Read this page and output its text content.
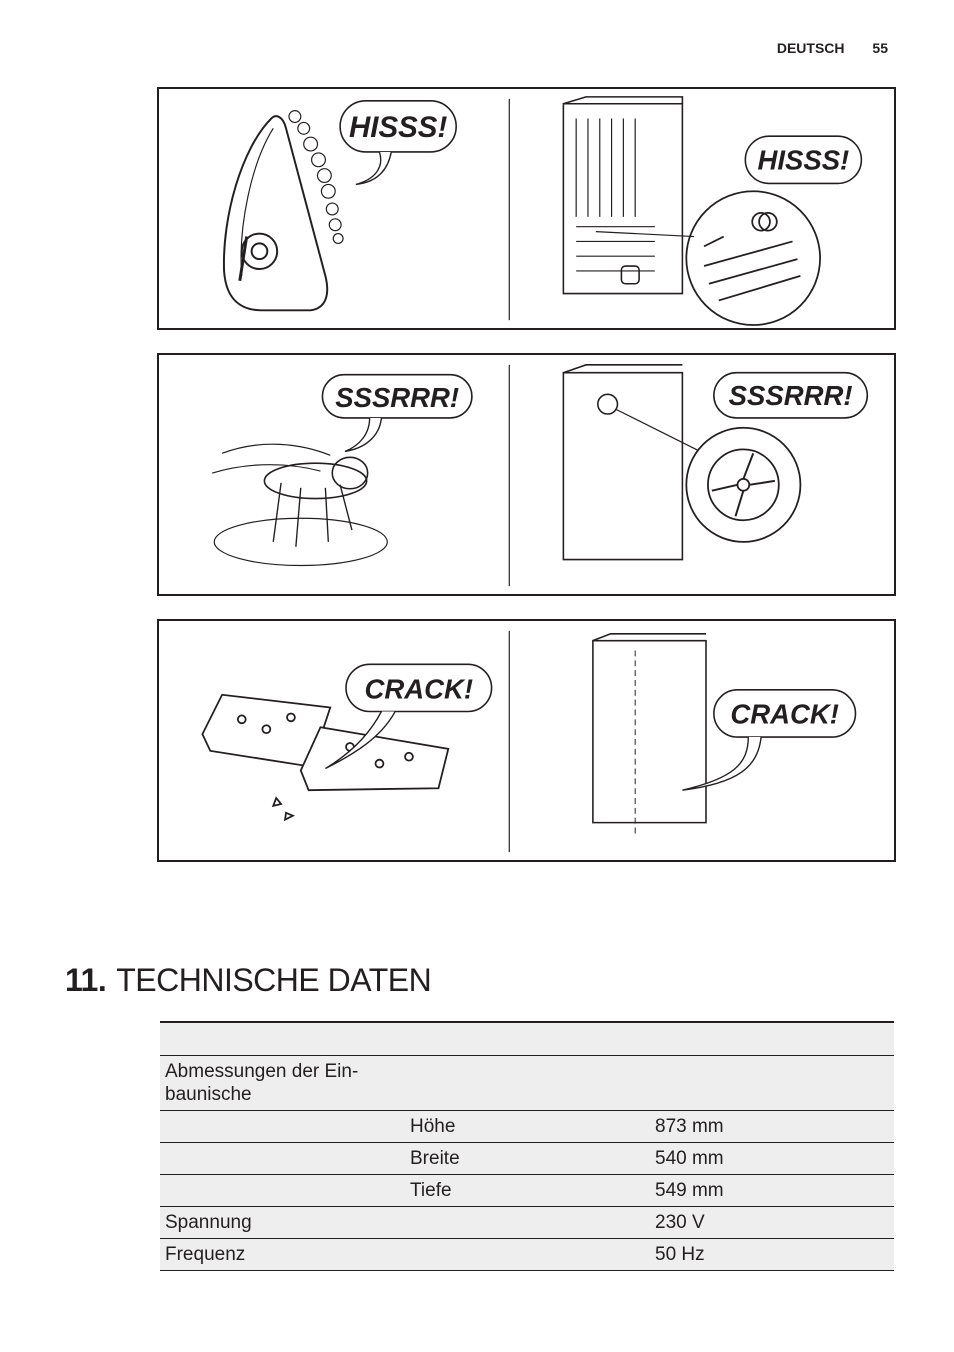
DEUTSCH 55
HISSS!
HISSS!
SSSRRR!	SSSRRR!
CRACK!
CRACK!
11. TECHNISCHE DATEN

Abmessungen der Ein-
baunische		
	Höhe	873 mm
	Breite	540 mm
	Tiefe	549 mm
Spannung		230 V
Frequenz		50 Hz
